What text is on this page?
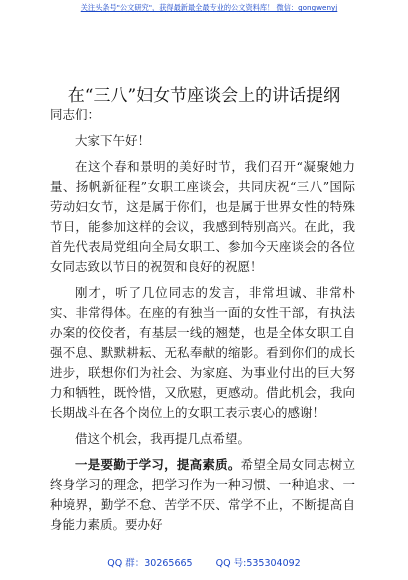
关注头条号"公文研究"，获得最新最全最专业的公文资料库！ 微信：gongwenyj
在“三八”妇女节座谈会上的讲话提纲

同志们：

大家下午好！

在这个春和景明的美好时节，我们召开“凝聚她力量、扬帆新征程”女职工座谈会，共同庆祝“三八”国际劳动妇女节，这是属于你们，也是属于世界女性的特殊节日，能参加这样的会议，我感到特别高兴。在此，我首先代表局党组向全局女职工、参加今天座谈会的各位女同志致以节日的祝贺和良好的祝愿！

刚才，听了几位同志的发言，非常坦诚、非常朴实、非常得体。在座的有独当一面的女性干部，有执法办案的佼佼者，有基层一线的翘楚，也是全体女职工自强不息、默默耕耘、无私奉献的缩影。看到你们的成长进步，联想你们为社会、为家庭、为事业付出的巨大努力和牺牲，既怜惜，又欣慰，更感动。借此机会，我向长期战斗在各个岗位上的女职工表示衷心的感谢！

借这个机会，我再提几点希望。

一是要勤于学习，提高素质。希望全局女同志树立终身学习的理念，把学习作为一种习惯、一种追求、一种境界，勤学不怠、苦学不厌、常学不止，不断提高自身能力素质。要办好

QQ 群：30265665 QQ 号:535304092
